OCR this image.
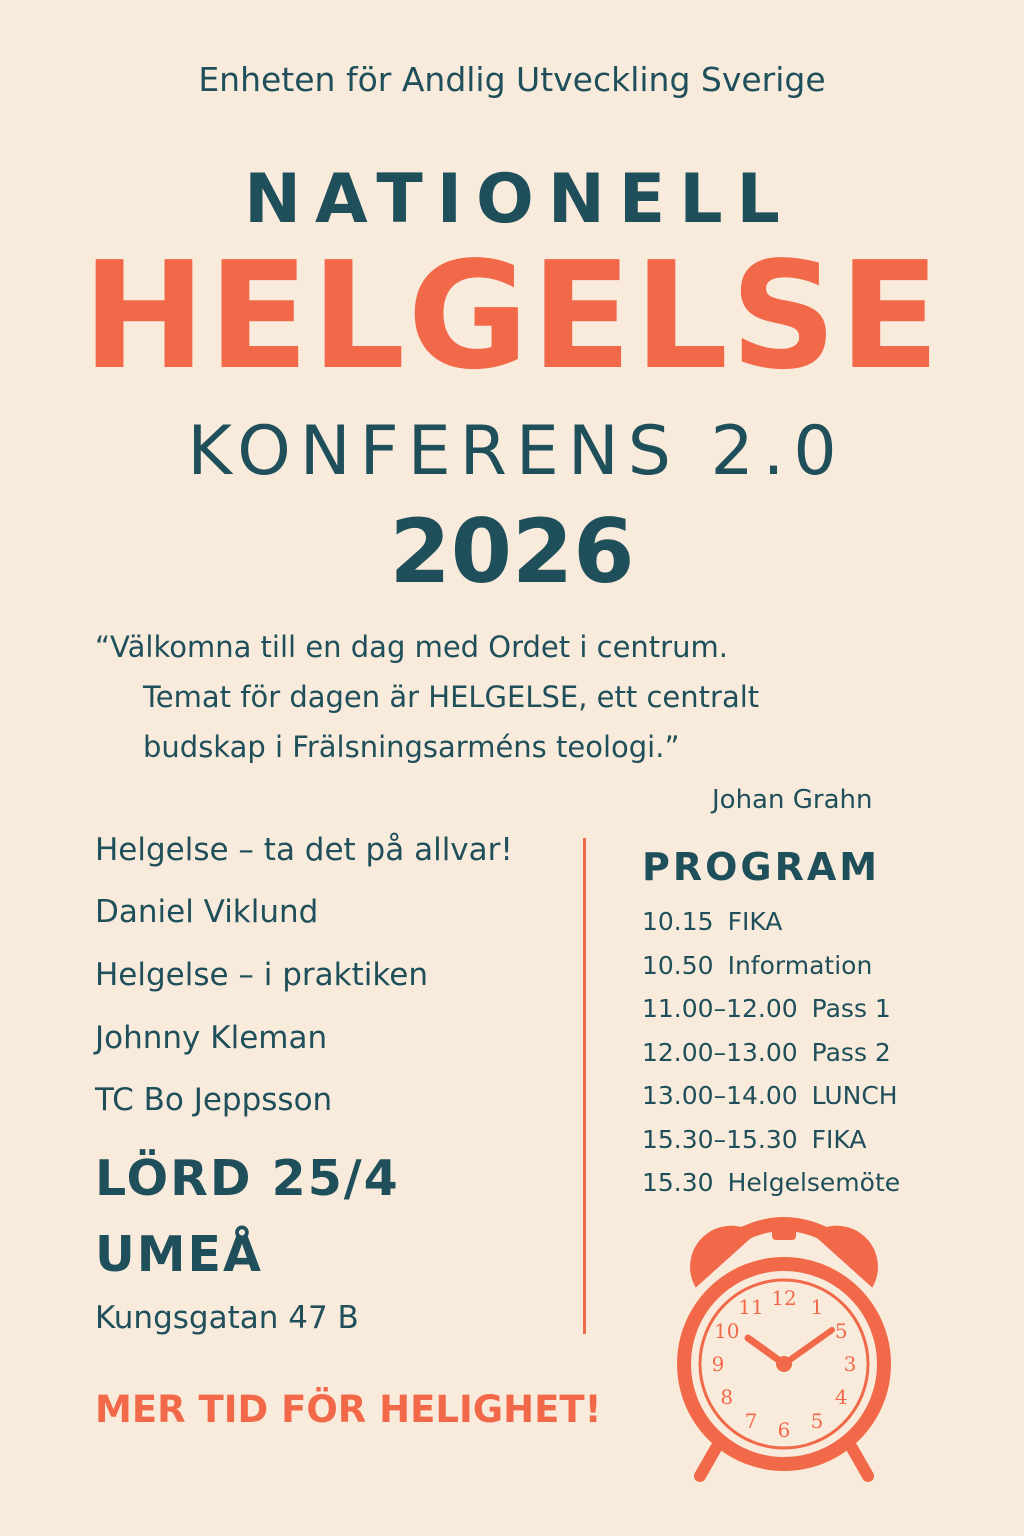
Enheten för Andlig Utveckling Sverige
NATIONELL
HELGELSE
KONFERENS 2.0
2026
“Välkomna till en dag med Ordet i centrum.
Temat för dagen är HELGELSE, ett centralt
budskap i Frälsningsarméns teologi.”
Johan Grahn
Helgelse – ta det på allvar!
Daniel Viklund
Helgelse – i praktiken
Johnny Kleman
TC Bo Jeppsson
LÖRD 25/4
UMEÅ
Kungsgatan 47 B
MER TID FÖR HELIGHET!
PROGRAM
10.15 FIKA
10.50 Information
11.00–12.00 Pass 1
12.00–13.00 Pass 2
13.00–14.00 LUNCH
15.30–15.30 FIKA
15.30 Helgelsemötе
12 1
5
3
4
5
6
7
8
9
10
11
